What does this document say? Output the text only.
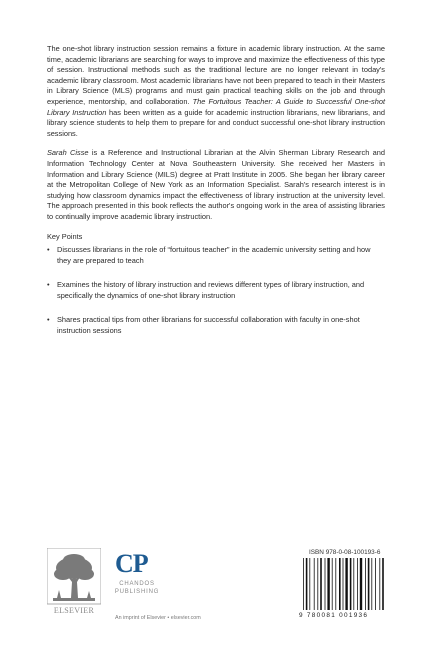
The one-shot library instruction session remains a fixture in academic library instruction. At the same time, academic librarians are searching for ways to improve and maximize the effectiveness of this type of session. Instructional methods such as the traditional lecture are no longer relevant in today's academic library classroom. Most academic librarians have not been prepared to teach in their Masters in Library Science (MLS) programs and must gain practical teaching skills on the job and through experience, mentorship, and collaboration. The Fortuitous Teacher: A Guide to Successful One-shot Library Instruction has been written as a guide for academic instruction librarians, new librarians, and library science students to help them to prepare for and conduct successful one-shot library instruction sessions.

Sarah Cisse is a Reference and Instructional Librarian at the Alvin Sherman Library Research and Information Technology Center at Nova Southeastern University. She received her Masters in Information and Library Science (MILS) degree at Pratt Institute in 2005. She began her library career at the Metropolitan College of New York as an Information Specialist. Sarah's research interest is in studying how classroom dynamics impact the effectiveness of library instruction at the university level. The approach presented in this book reflects the author's ongoing work in the area of assisting libraries to continually improve academic library instruction.

Key Points
• Discusses librarians in the role of “fortuitous teacher” in the academic university setting and how they are prepared to teach
• Examines the history of library instruction and reviews different types of library instruction, and specifically the dynamics of one-shot library instruction
• Shares practical tips from other librarians for successful collaboration with faculty in one-shot instruction sessions
ELSEVIER
CP
CHANDOS
PUBLISHING
An imprint of Elsevier • elsevier.com
ISBN 978-0-08-100193-6
9 780081 001936
